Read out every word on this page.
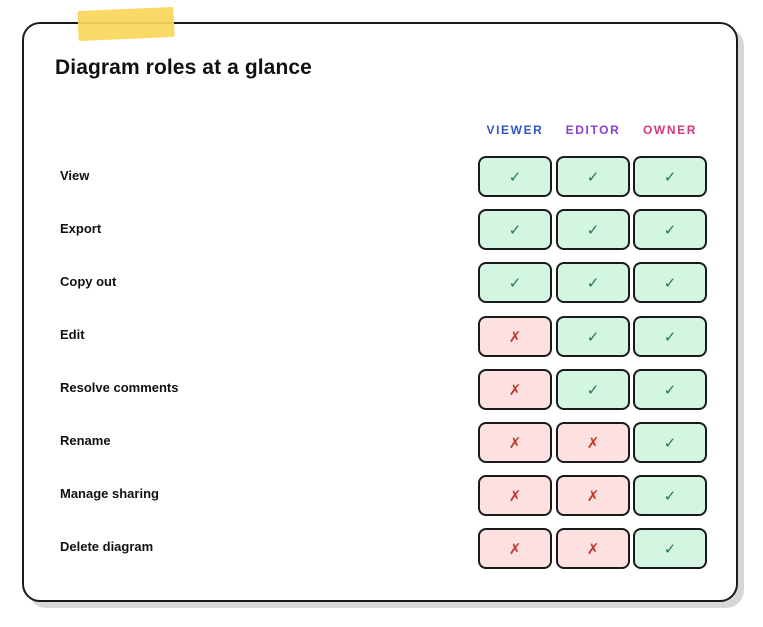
Diagram roles at a glance
VIEWER	EDITOR	OWNER
View	✓	✓	✓
Export	✓	✓	✓
Copy out	✓	✓	✓
Edit	✗	✓	✓
Resolve comments	✗	✓	✓
Rename	✗	✗	✓
Manage sharing	✗	✗	✓
Delete diagram	✗	✗	✓
